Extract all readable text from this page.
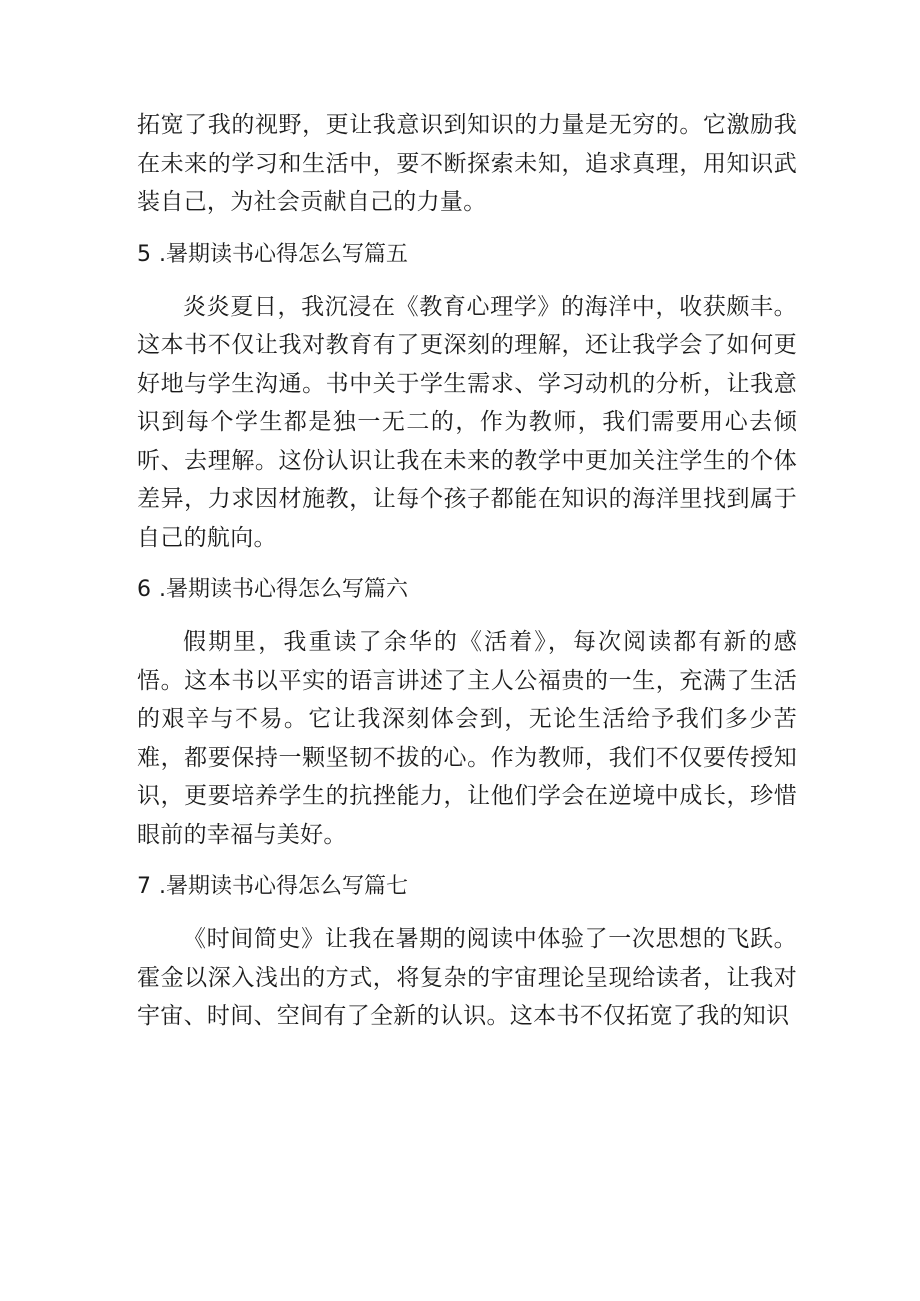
拓宽了我的视野，更让我意识到知识的力量是无穷的。它激励我在未来的学习和生活中，要不断探索未知，追求真理，用知识武装自己，为社会贡献自己的力量。

5 .暑期读书心得怎么写篇五

炎炎夏日，我沉浸在《教育心理学》的海洋中，收获颇丰。这本书不仅让我对教育有了更深刻的理解，还让我学会了如何更好地与学生沟通。书中关于学生需求、学习动机的分析，让我意识到每个学生都是独一无二的，作为教师，我们需要用心去倾听、去理解。这份认识让我在未来的教学中更加关注学生的个体差异，力求因材施教，让每个孩子都能在知识的海洋里找到属于自己的航向。

6 .暑期读书心得怎么写篇六

假期里，我重读了余华的《活着》，每次阅读都有新的感悟。这本书以平实的语言讲述了主人公福贵的一生，充满了生活的艰辛与不易。它让我深刻体会到，无论生活给予我们多少苦难，都要保持一颗坚韧不拔的心。作为教师，我们不仅要传授知识，更要培养学生的抗挫能力，让他们学会在逆境中成长，珍惜眼前的幸福与美好。

7 .暑期读书心得怎么写篇七

《时间简史》让我在暑期的阅读中体验了一次思想的飞跃。霍金以深入浅出的方式，将复杂的宇宙理论呈现给读者，让我对宇宙、时间、空间有了全新的认识。这本书不仅拓宽了我的知识
